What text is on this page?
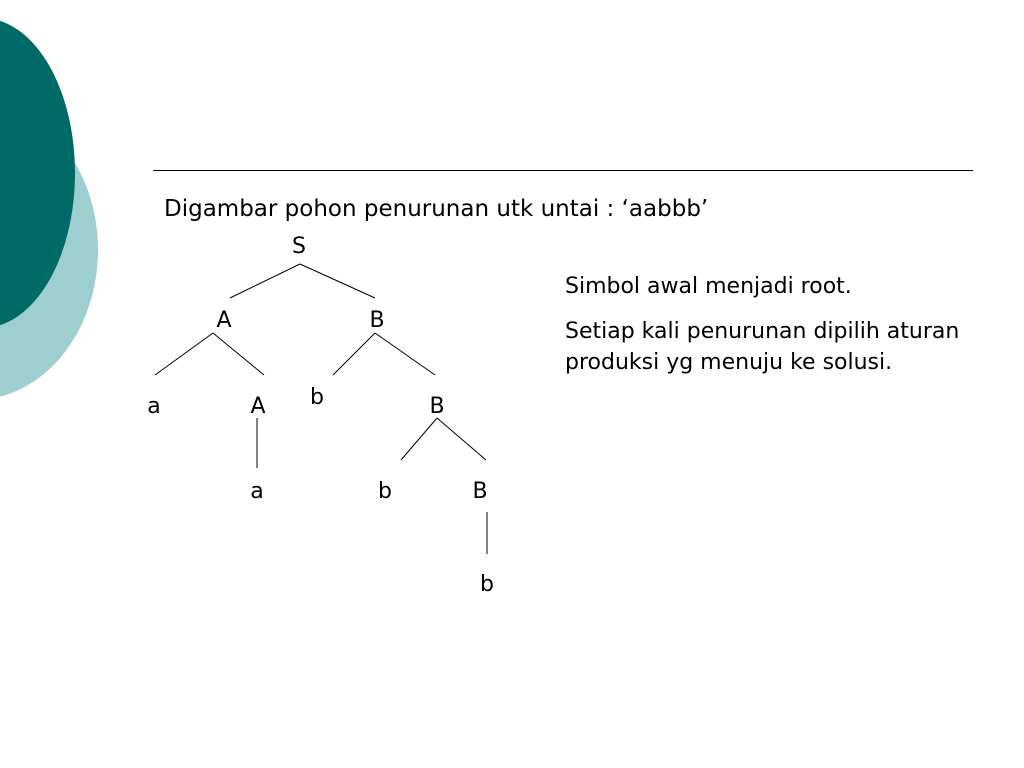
Digambar pohon penurunan utk untai : ‘aabbb’
S
A	B
a	A b	B
a	b	B
b

Simbol awal menjadi root.

Setiap kali penurunan dipilih aturan produksi yg menuju ke solusi.
